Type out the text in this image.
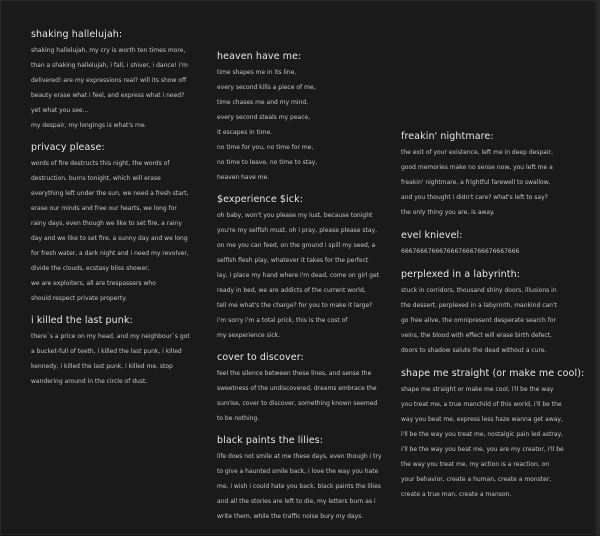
shaking hallelujah:
shaking hallelujah, my cry is worth ten times more,
than a shaking hallelujah, i fall, i shiver, i dance! i'm
delivered! are my expressions real? will its show off
beauty erase what i feel, and express what i need?
yet what you see...
my despair, my longings is what's me.
privacy please:
words of fire destructs this night, the words of
destruction, burns tonight, which will erase
everything left under the sun, we need a fresh start,
erase our minds and free our hearts, we long for
rainy days, even though we like to set fire, a rainy
day and we like to set fire, a sunny day and we long
for fresh water, a dark night and i need my revolver,
divide the clouds, ecstasy bliss shower,
we are exploiters, all are trespassers who
should respect private property.
i killed the last punk:
there`s a price on my head, and my neighbour`s got
a bucket-full of teeth, i killed the last punk, i killed
kennedy, i killed the last punk, i killed me, stop
wandering around in the circle of dust.
heaven have me:
time shapes me in its line,
every second kills a piece of me,
time chases me and my mind,
every second steals my peace,
it escapes in time.
no time for you, no time for me,
no time to leave, no time to stay,
heaven have me.
$experience $ick:
oh baby, won't you please my lust, because tonight
you're my selfish must, oh i pray, please please stay,
on me you can feed, on the ground i spill my seed, a
selfish flesh play, whatever it takes for the perfect
lay, i place my hand where i'm dead, come on girl get
ready in bed, we are addicts of the current world,
tell me what's the charge? for you to make it large?
i'm sorry i'm a total prick, this is the cost of
my sexperience sick.
cover to discover:
feel the silence between these lines, and sense the
sweetness of the undiscovered, dreams embrace the
sunrise, cover to discover, something known seemed
to be nothing.
black paints the lilies:
life does not smile at me these days, even though i try
to give a haunted smile back, i love the way you hate
me, i wish i could hate you back, black paints the lilies
and all the stories are left to die, my letters burn as i
write them, while the traffic noise bury my days.
freakin' nightmare:
the exit of your existence, left me in deep despair,
good memories make no sense now, you left me a
freakin' nightmare, a frightful farewell to swallow,
and you thought i didn't care? what's left to say?
the only thing you are, is away.
evel knievel:
6667666766676667666766676667666
perplexed in a labyrinth:
stuck in corridors, thousand shiny doors, illusions in
the dessert, perplexed in a labyrinth, mankind can't
go free alive, the omnipresent desperate search for
veins, the blood with effect will erase birth defect,
doors to shadow salute the dead without a cure.
shape me straight (or make me cool):
shape me straight or make me cool, i'll be the way
you treat me, a true manchild of this world, i'll be the
way you beat me, express less haze wanna get away,
i'll be the way you treat me, nostalgic pain led astray,
i'll be the way you beat me, you are my creator, i'll be
the way you treat me, my action is a reaction, on
your behavior, create a human, create a monster,
create a true man, create a manson.
